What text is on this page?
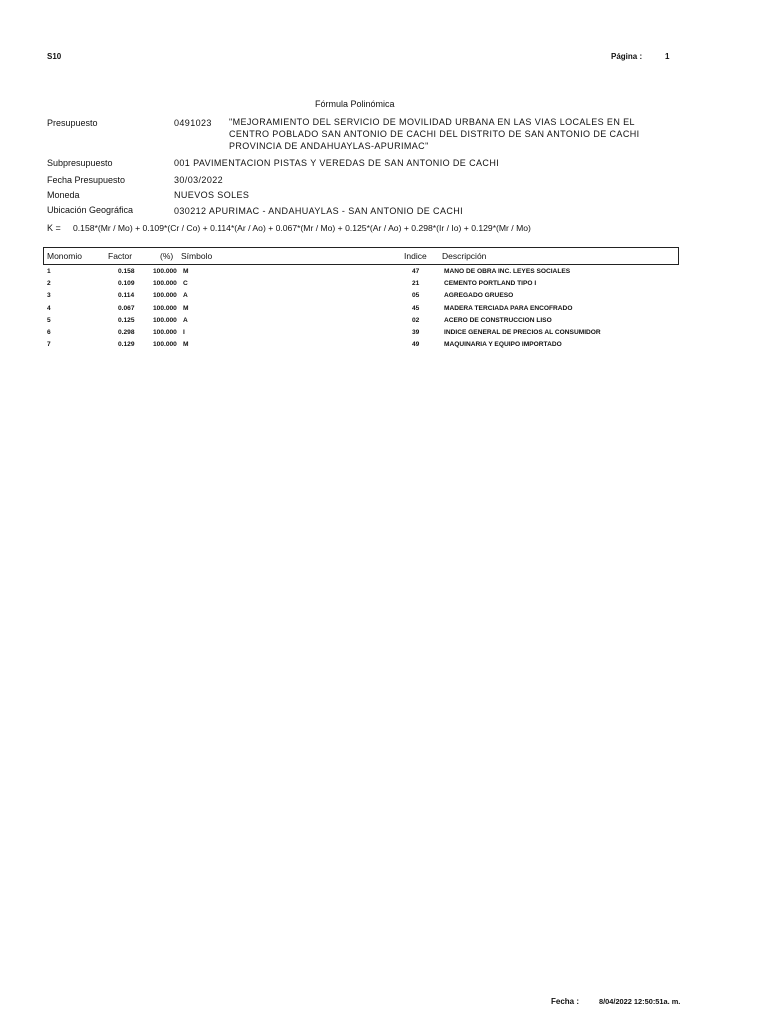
S10	Página :	1
Fórmula Polinómica
Presupuesto	0491023 "MEJORAMIENTO DEL SERVICIO DE MOVILIDAD URBANA EN LAS VIAS LOCALES EN EL
CENTRO POBLADO SAN ANTONIO DE CACHI DEL DISTRITO DE SAN ANTONIO DE CACHI
PROVINCIA DE ANDAHUAYLAS-APURIMAC"
Subpresupuesto	001 PAVIMENTACION PISTAS Y VEREDAS DE SAN ANTONIO DE CACHI
Fecha Presupuesto	30/03/2022
Moneda	NUEVOS SOLES
Ubicación Geográfica	030212 APURIMAC - ANDAHUAYLAS - SAN ANTONIO DE CACHI
K = 0.158*(Mr / Mo) + 0.109*(Cr / Co) + 0.114*(Ar / Ao) + 0.067*(Mr / Mo) + 0.125*(Ar / Ao) + 0.298*(Ir / Io) + 0.129*(Mr / Mo)
Monomio	Factor	(%) Símbolo	Indice Descripción
1	0.158	100.000 M	47	MANO DE OBRA INC. LEYES SOCIALES
2	0.109	100.000 C	21	CEMENTO PORTLAND TIPO I
3	0.114	100.000 A	05	AGREGADO GRUESO
4	0.067	100.000 M	45	MADERA TERCIADA PARA ENCOFRADO
5	0.125	100.000 A	02	ACERO DE CONSTRUCCION LISO
6	0.298	100.000 I	39	INDICE GENERAL DE PRECIOS AL CONSUMIDOR
7	0.129	100.000 M	49	MAQUINARIA Y EQUIPO IMPORTADO
Fecha :	8/04/2022 12:50:51a. m.
